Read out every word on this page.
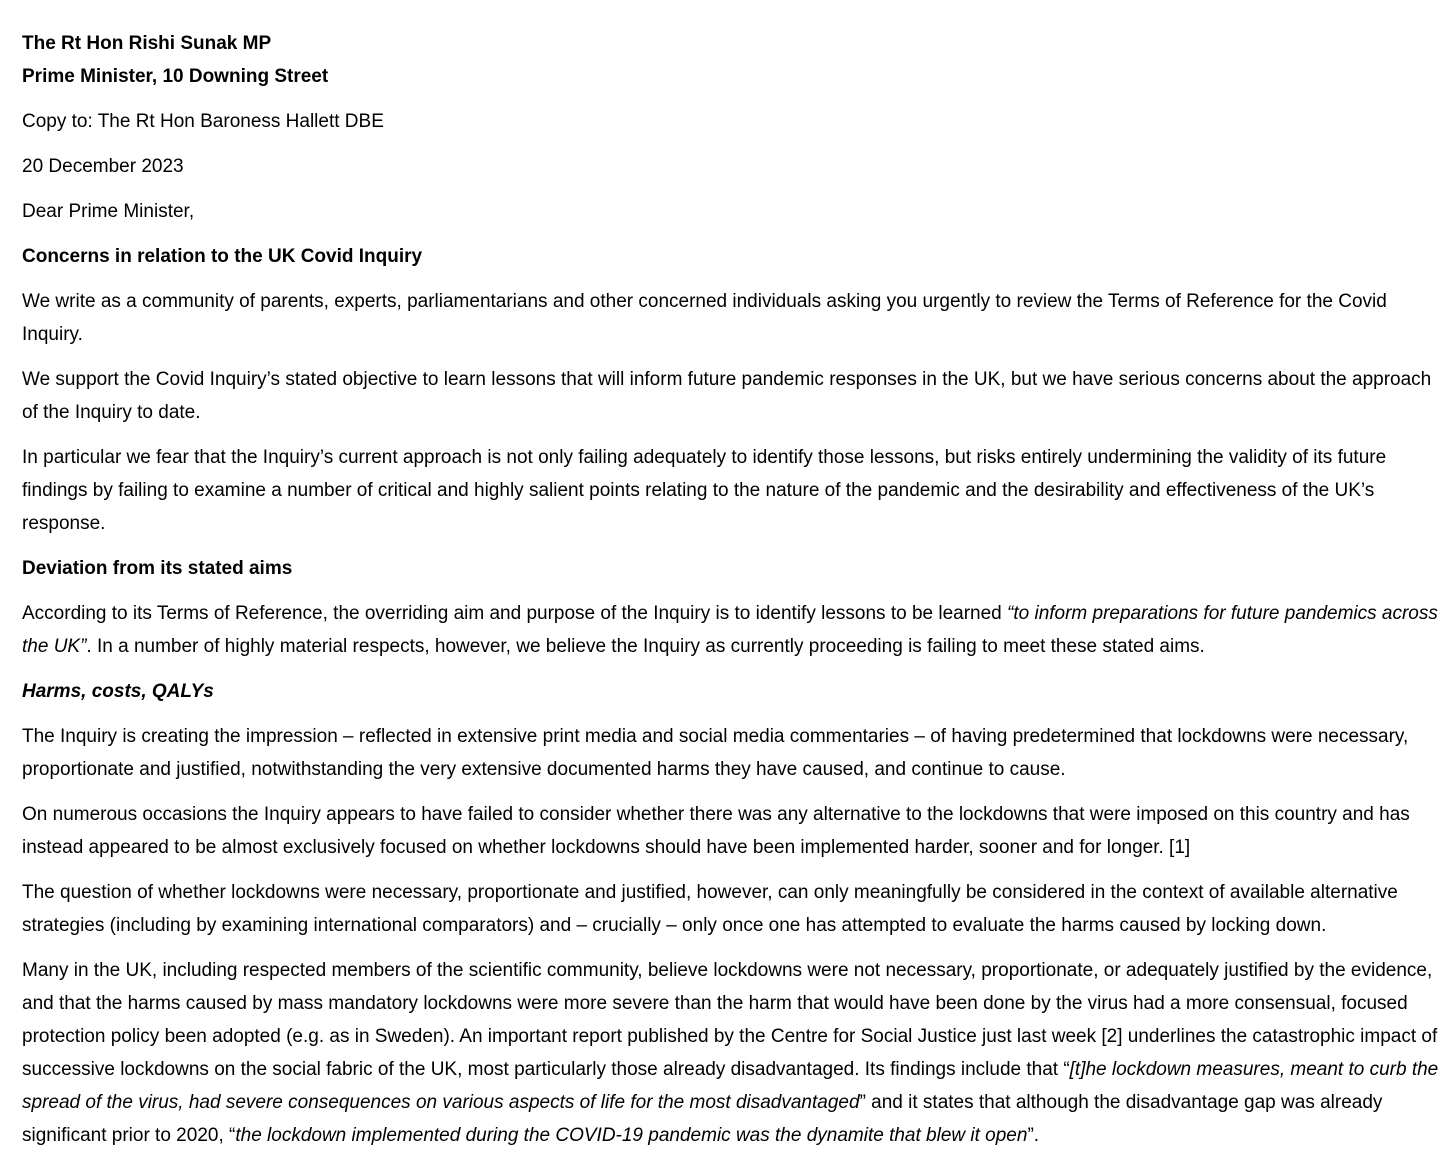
The Rt Hon Rishi Sunak MP

Prime Minister, 10 Downing Street

Copy to: The Rt Hon Baroness Hallett DBE

20 December 2023

Dear Prime Minister,

Concerns in relation to the UK Covid Inquiry

We write as a community of parents, experts, parliamentarians and other concerned individuals asking you urgently to review the Terms of Reference for the Covid Inquiry.

We support the Covid Inquiry’s stated objective to learn lessons that will inform future pandemic responses in the UK, but we have serious concerns about the approach of the Inquiry to date.

In particular we fear that the Inquiry’s current approach is not only failing adequately to identify those lessons, but risks entirely undermining the validity of its future findings by failing to examine a number of critical and highly salient points relating to the nature of the pandemic and the desirability and effectiveness of the UK’s response.

Deviation from its stated aims

According to its Terms of Reference, the overriding aim and purpose of the Inquiry is to identify lessons to be learned “to inform preparations for future pandemics across the UK”. In a number of highly material respects, however, we believe the Inquiry as currently proceeding is failing to meet these stated aims.

Harms, costs, QALYs

The Inquiry is creating the impression – reflected in extensive print media and social media commentaries – of having predetermined that lockdowns were necessary, proportionate and justified, notwithstanding the very extensive documented harms they have caused, and continue to cause.

On numerous occasions the Inquiry appears to have failed to consider whether there was any alternative to the lockdowns that were imposed on this country and has instead appeared to be almost exclusively focused on whether lockdowns should have been implemented harder, sooner and for longer. [1]

The question of whether lockdowns were necessary, proportionate and justified, however, can only meaningfully be considered in the context of available alternative strategies (including by examining international comparators) and – crucially – only once one has attempted to evaluate the harms caused by locking down.

Many in the UK, including respected members of the scientific community, believe lockdowns were not necessary, proportionate, or adequately justified by the evidence, and that the harms caused by mass mandatory lockdowns were more severe than the harm that would have been done by the virus had a more consensual, focused protection policy been adopted (e.g. as in Sweden). An important report published by the Centre for Social Justice just last week [2] underlines the catastrophic impact of successive lockdowns on the social fabric of the UK, most particularly those already disadvantaged. Its findings include that “[t]he lockdown measures, meant to curb the spread of the virus, had severe consequences on various aspects of life for the most disadvantaged” and it states that although the disadvantage gap was already significant prior to 2020, “the lockdown implemented during the COVID-19 pandemic was the dynamite that blew it open”.
